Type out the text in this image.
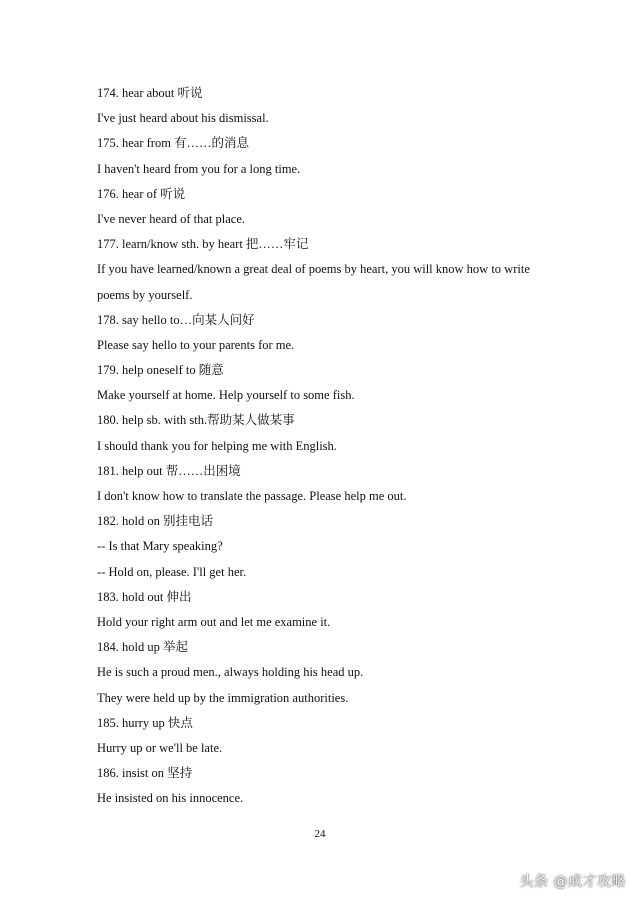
174. hear about 听说
I've just heard about his dismissal.
175. hear from 有……的消息
I haven't heard from you for a long time.
176. hear of 听说
I've never heard of that place.
177. learn/know sth. by heart 把……牢记
If you have learned/known a great deal of poems by heart, you will know how to write
poems by yourself.
178. say hello to…向某人问好
Please say hello to your parents for me.
179. help oneself to 随意
Make yourself at home. Help yourself to some fish.
180. help sb. with sth.帮助某人做某事
I should thank you for helping me with English.
181. help out 帮……出困境
I don't know how to translate the passage. Please help me out.
182. hold on 别挂电话
-- Is that Mary speaking?
-- Hold on, please. I'll get her.
183. hold out 伸出
Hold your right arm out and let me examine it.
184. hold up 举起
He is such a proud men., always holding his head up.
They were held up by the immigration authorities.
185. hurry up 快点
Hurry up or we'll be late.
186. insist on 坚持
He insisted on his innocence.
24
头条 @成才攻略
